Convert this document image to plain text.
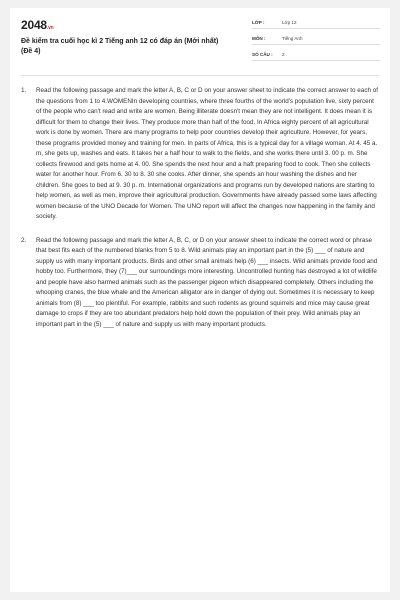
2048.vn
Đề kiểm tra cuối học kì 2 Tiếng anh 12 có đáp án (Mới nhất) (Đề 4)
LỚP :	Lớp 12
MÔN :	Tiếng Anh
SỐ CÂU :	2
1.	Read the following passage and mark the letter A, B, C or D on your answer sheet to indicate the correct answer to each of the questions from 1 to 4.WOMENIn developing countries, where three fourths of the world's population live, sixty percent of the people who can't read and write are women. Being illiterate doesn't mean they are not intelligent. It does mean it is difficult for them to change their lives. They produce more than half of the food. In Africa eighty percent of all agricultural work is done by women. There are many programs to help poor countries develop their agriculture. However, for years, these programs provided money and training for men. In parts of Africa, this is a typical day for a village woman. At 4. 45 a. m, she gets up, washes and eats. It takes her a half hour to walk to the fields, and she works there until 3. 00 p. m. She collects firewood and gets home at 4. 00. She spends the next hour and a haft preparing food to cook. Then she collects water for another hour. From 6. 30 to 8. 30 she cooks. After dinner, she spends an hour washing the dishes and her children. She goes to bed at 9. 30 p. m. International organizations and programs run by developed nations are starting to help women, as well as men, improve their agricultural production. Governments have already passed some laws affecting women because of the UNO Decade for Women. The UNO report will affect the changes now happening in the family and society.
2.	Read the following passage and mark the letter A, B, C, or D on your answer sheet to indicate the correct word or phrase that best fits each of the numbered blanks from 5 to 8. Wild animals play an important part in the (5) ___ of nature and supply us with many important products. Birds and other small animals help (6) ___ insects. Wild animals provide food and hobby too. Furthermore, they (7)___ our surroundings more interesting. Uncontrolled hunting has destroyed a lot of wildlife and people have also harmed animals such as the passenger pigeon which disappeared completely. Others including the whooping cranes, the blue whale and the American alligator are in danger of dying out. Sometimes it is necessary to keep animals from (8) ___ too plentiful. For example, rabbits and such rodents as ground squirrels and mice may cause great damage to crops if they are too abundant predators help hold down the population of their prey. Wild animals play an important part in the (5) ___ of nature and supply us with many important products.
